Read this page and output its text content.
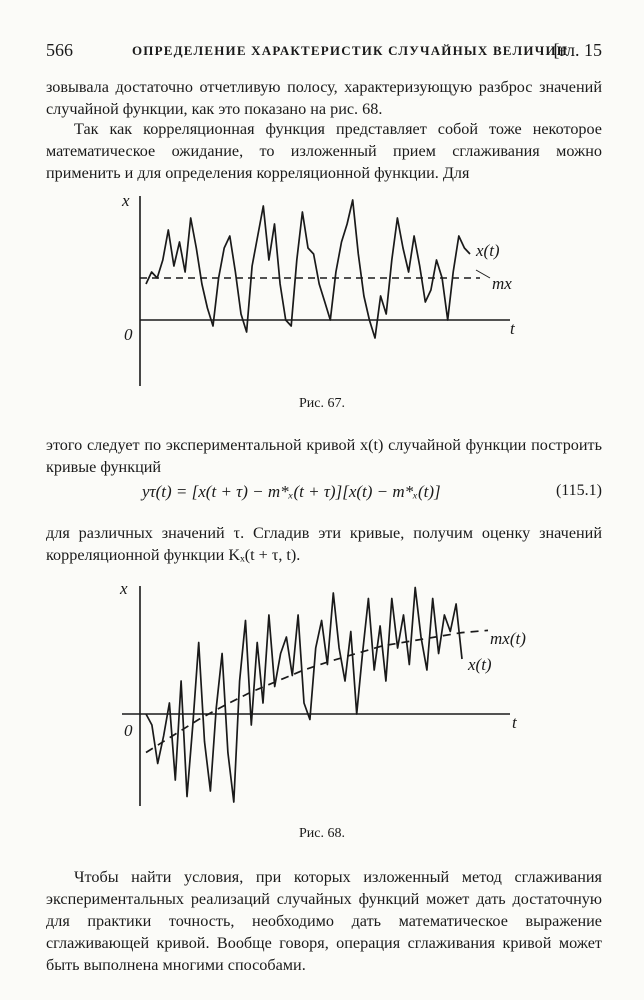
566	ОПРЕДЕЛЕНИЕ ХАРАКТЕРИСТИК СЛУЧАЙНЫХ ВЕЛИЧИН
[гл. 15

зовывала достаточно отчетливую полосу, характеризующую разброс значений случайной функции, как это показано на рис. 68.

Так как корреляционная функция представляет собой тоже некоторое математическое ожидание, то изложенный прием сглаживания можно применить и для определения корреляционной функции. Для

x
t
0
x(t)
mx
Рис. 67.

этого следует по экспериментальной кривой x(t) случайной функции построить кривые функций

yτ(t) = [x(t + τ) − m*ₓ(t + τ)][x(t) − m*ₓ(t)]	(115.1)

для различных значений τ. Сгладив эти кривые, получим оценку значений корреляционной функции Kₓ(t + τ, t).

x
t
0
mx(t)
x(t)
Рис. 68.

Чтобы найти условия, при которых изложенный метод сглаживания экспериментальных реализаций случайных функций может дать достаточную для практики точность, необходимо дать математическое выражение сглаживающей кривой. Вообще говоря, операция сглаживания кривой может быть выполнена многими способами.
